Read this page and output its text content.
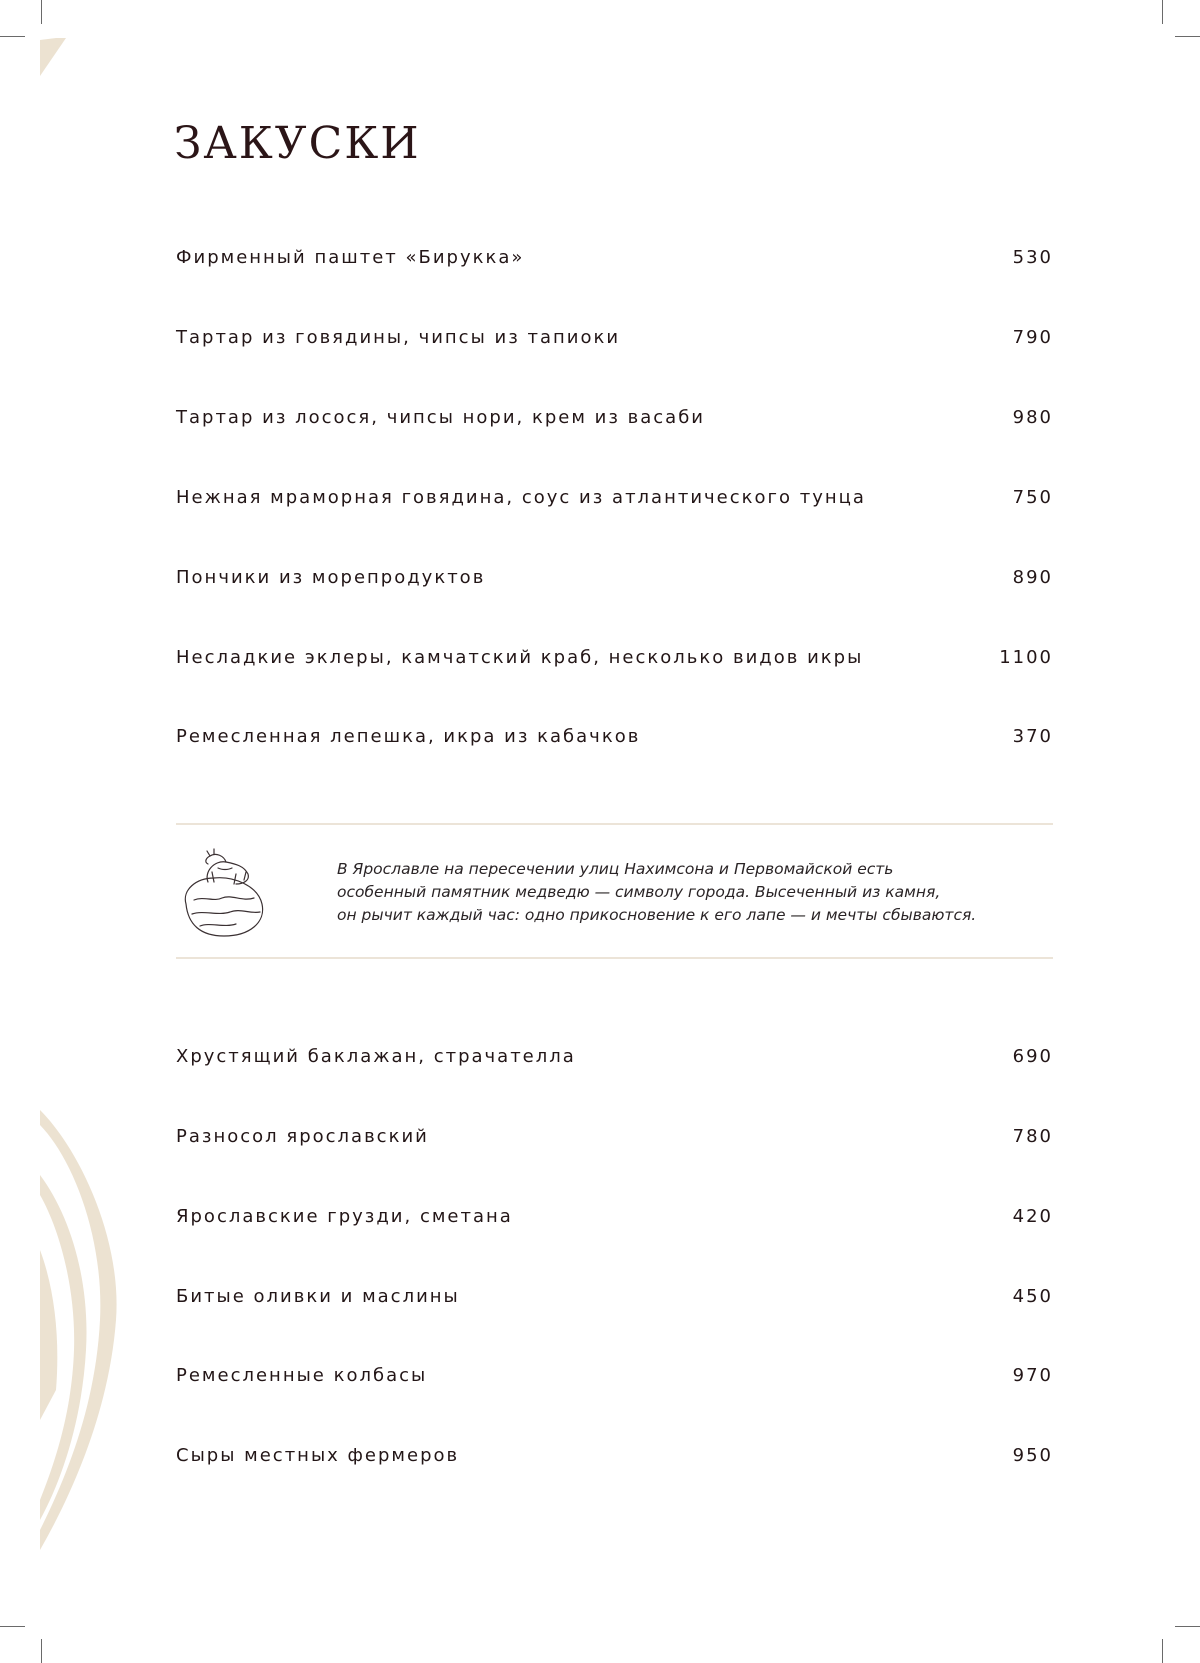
ЗАКУСКИ
Фирменный паштет «Бирукка»	530
Тартар из говядины, чипсы из тапиоки	790
Тартар из лосося, чипсы нори, крем из васаби	980
Нежная мраморная говядина, соус из атлантического тунца	750
Пончики из морепродуктов	890
Несладкие эклеры, камчатский краб, несколько видов икры	1100
Ремесленная лепешка, икра из кабачков	370
В Ярославле на пересечении улиц Нахимсона и Первомайской есть
особенный памятник медведю — символу города. Высеченный из камня,
он рычит каждый час: одно прикосновение к его лапе — и мечты сбываются.
Хрустящий баклажан, страчателла	690
Разносол ярославский	780
Ярославские грузди, сметана	420
Битые оливки и маслины	450
Ремесленные колбасы	970
Сыры местных фермеров	950
